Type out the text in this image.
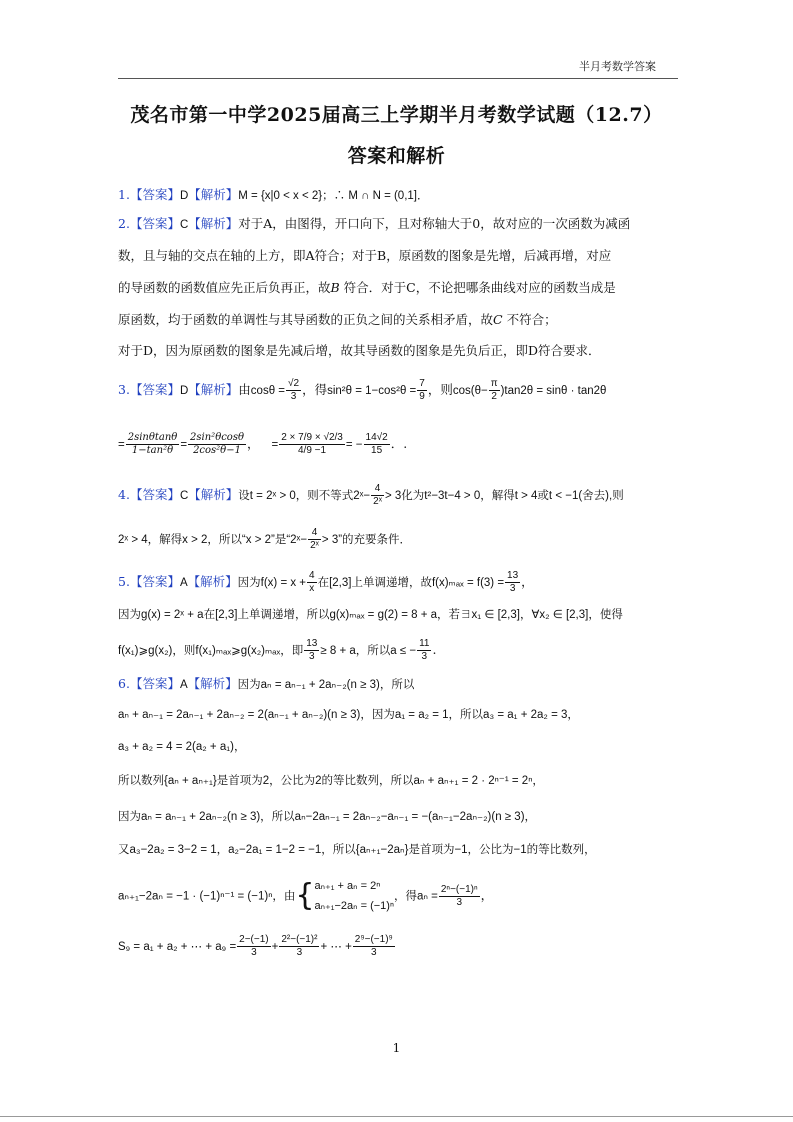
半月考数学答案
茂名市第一中学2025届高三上学期半月考数学试题（12.7）
答案和解析
1.【答案】D【解析】M = {x|0 < x < 2}；∴ M ∩ N = (0,1]．
2.【答案】C【解析】对于A，由图得，开口向下，且对称轴大于0，故对应的一次函数为减函
数，且与轴的交点在轴的上方，即A符合；对于B，原函数的图象是先增，后减再增，对应
的导函数的函数值应先正后负再正，故B 符合．对于C，不论把哪条曲线对应的函数当成是
原函数，均于函数的单调性与其导函数的正负之间的关系相矛盾，故C 不符合；
对于D，因为原函数的图象是先减后增，故其导函数的图象是先负后正，即D符合要求．
3.【答案】D【解析】由$\cos\theta = \frac{√2}{3}$ ，得$\sin^2\theta = 1-\cos^2\theta = \frac{7}{9}$ ，则$\cos(\theta- \frac{\pi}{2} )\tan 2\theta = \sin\theta \cdot \tan 2\theta$
= $\frac{2\sin\theta\tan\theta}{\text{1−tan²θ}} = \frac{\text{2sin²θcosθ}}{\text{2cos²θ−1}}$ ， = $\frac{2 \times 7/9 \times √2/3}{4/9 -1}$ = − $\frac{14√2}{15}$ ．.
4.【答案】C【解析】设t = 2ˣ > 0，则不等式2ˣ− $\frac{4}{\text{2ˣ}} > 3$化为t²−3t−4 > 0，解得t > 4或t < −1(舍去),则
2ˣ > 4，解得x > 2，所以“x > 2”是“2ˣ− $\frac{4}{\text{2ˣ}} > 3$”的充要条件．
5.【答案】A【解析】因为$f(x) = x + \frac{4}{x}$ 在[2,3]上单调递增，故$f(x)_{max} = f(3) = \frac{13}{3}$ ，
因为g(x) = 2ˣ + a在[2,3]上单调递增，所以g(x)ₘₐₓ = g(2) = 8 + a，若∃x₁ ∈ [2,3]，∀x₂ ∈ [2,3]，使得
f(x₁)⩾g(x₂)，则f(x₁)ₘₐₓ⩾g(x₂)ₘₐₓ，即 $\frac{13}{3} \ge 8 + a$，所以a ≤ − $\frac{11}{3}$ .
6.【答案】A【解析】因为aₙ = aₙ₋₁ + 2aₙ₋₂(n ≥ 3)，所以
aₙ + aₙ₋₁ = 2aₙ₋₁ + 2aₙ₋₂ = 2(aₙ₋₁ + aₙ₋₂)(n ≥ 3)，因为a₁ = a₂ = 1，所以a₃ = a₁ + 2a₂ = 3，
a₃ + a₂ = 4 = 2(a₂ + a₁)，
所以数列{aₙ + aₙ₊₁}是首项为2，公比为2的等比数列，所以aₙ + aₙ₊₁ = 2 · 2ⁿ⁻¹ = 2ⁿ，
因为aₙ = aₙ₋₁ + 2aₙ₋₂(n ≥ 3)，所以aₙ−2aₙ₋₁ = 2aₙ₋₂−aₙ₋₁ = −(aₙ₋₁−2aₙ₋₂)(n ≥ 3)，
又a₃−2a₂ = 3−2 = 1，a₂−2a₁ = 1−2 = −1，所以{aₙ₊₁−2aₙ}是首项为−1，公比为−1的等比数列，
aₙ₊₁−2aₙ = −1 · (−1)ⁿ⁻¹ = (−1)ⁿ，由{ aₙ₊₁ + aₙ = 2ⁿ
aₙ₊₁−2aₙ = (−1)ⁿ
，得$a_n = \frac{\text{2ⁿ−(−1)ⁿ}}{3}$ ，
S₉ = a₁ + a₂ + ⋯ + $a_9 = \frac{2-(-1)}{3} + \frac{\text{2²−(−1)²}}{3}$ + ⋯ + $\frac{\text{2⁹−(−1)⁹}}{3}$
1
